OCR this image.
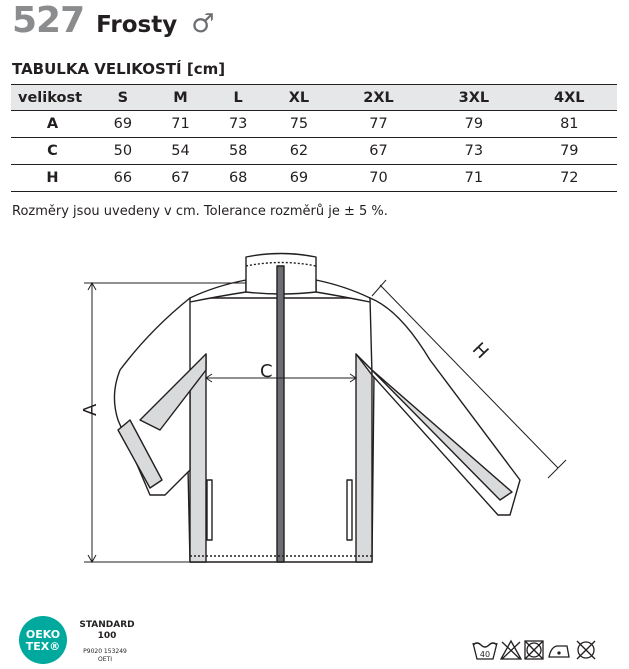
527 Frosty ♂
TABULKA VELIKOSTÍ [cm]
velikost	S	M	L	XL	2XL	3XL	4XL
A	69	71	73	75	77	79	81
C	50	54	58	62	67	73	79
H	66	67	68	69	70	71	72
Rozměry jsou uvedeny v cm. Tolerance rozměrů je ± 5 %.
A
C
H
OEKO
TEX®
STANDARD
100
P9020 153249
OETI
40
